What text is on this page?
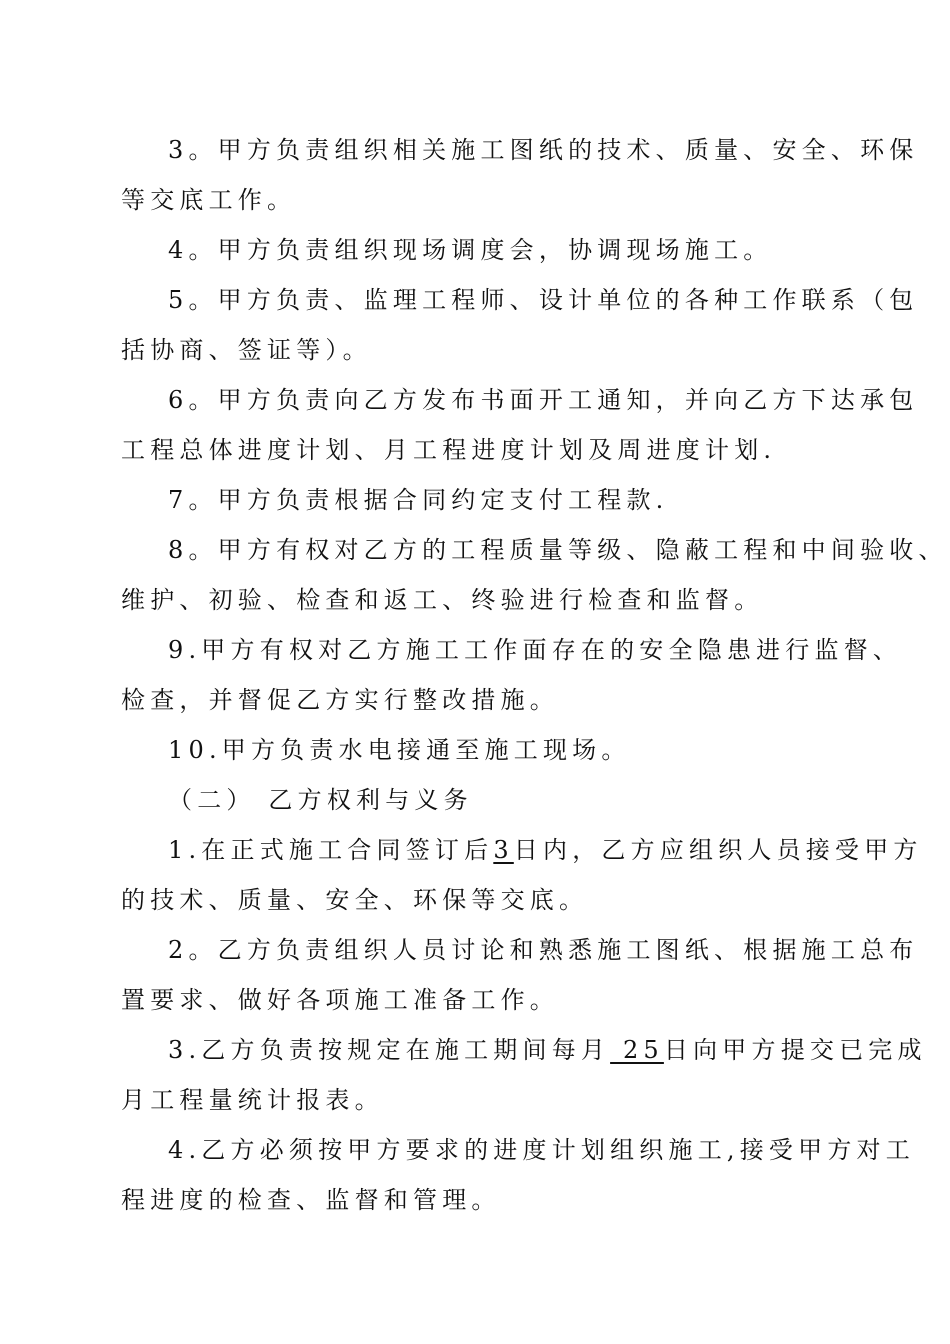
3。甲方负责组织相关施工图纸的技术、质量、安全、环保
等交底工作。
4。甲方负责组织现场调度会，协调现场施工。
5。甲方负责、监理工程师、设计单位的各种工作联系（包
括协商、签证等）。
6。甲方负责向乙方发布书面开工通知，并向乙方下达承包
工程总体进度计划、月工程进度计划及周进度计划.
7。甲方负责根据合同约定支付工程款.
8。甲方有权对乙方的工程质量等级、隐蔽工程和中间验收、
维护、初验、检查和返工、终验进行检查和监督。
9.甲方有权对乙方施工工作面存在的安全隐患进行监督、
检查，并督促乙方实行整改措施。
10.甲方负责水电接通至施工现场。
（二） 乙方权利与义务
1.在正式施工合同签订后3日内，乙方应组织人员接受甲方
的技术、质量、安全、环保等交底。
2。乙方负责组织人员讨论和熟悉施工图纸、根据施工总布
置要求、做好各项施工准备工作。
3.乙方负责按规定在施工期间每月 25日向甲方提交已完成
月工程量统计报表。
4.乙方必须按甲方要求的进度计划组织施工,接受甲方对工
程进度的检查、监督和管理。
